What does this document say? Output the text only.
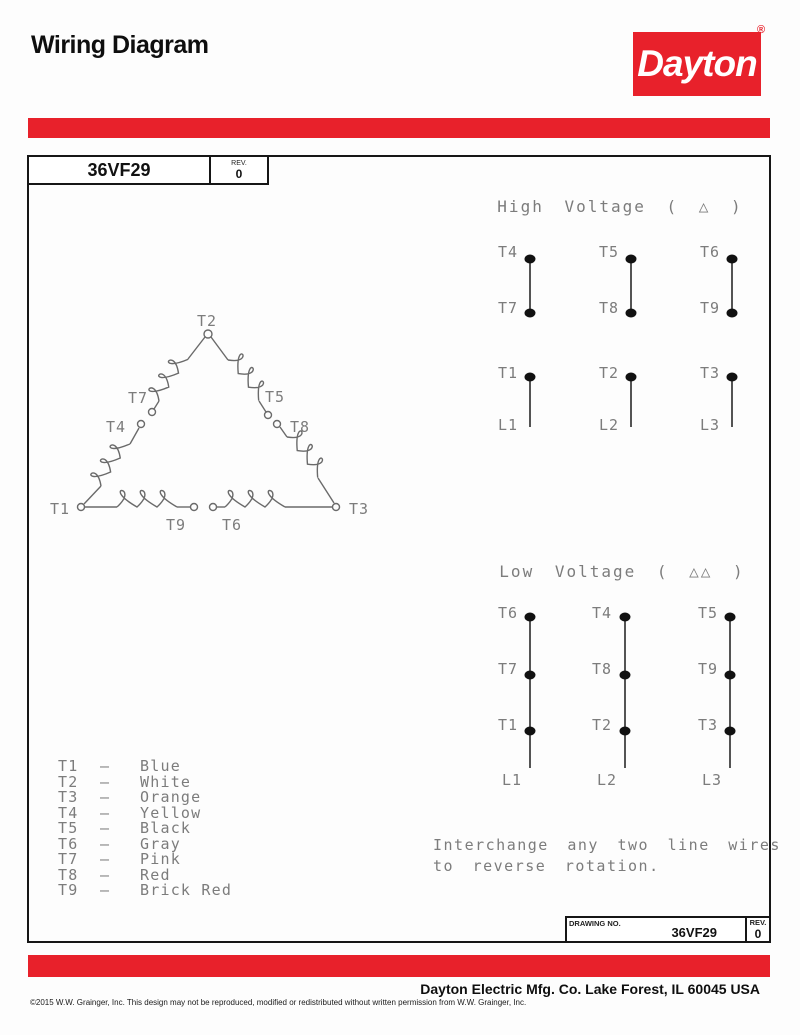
Wiring Diagram	Dayton
®
36VF29	REV.
0
High Voltage ( △ )
T4
T7
T1
L1
T5
T8
T2
L2
T6
T9
T3
L3
Low Voltage ( △△ )
T6
T7
T1
L1
T4
T8
T2
L2
T5
T9
T3
L3
T2
T7	T5
T4	T8
T1	T3
T9 T6
T1	—	Blue
T2	—	White
T3	—	Orange
T4	—	Yellow
T5	—	Black
T6	—	Gray
T7	—	Pink
T8	—	Red
T9	—	Brick Red
Interchange any two line wires
to reverse rotation.
DRAWING NO.
36VF29
REV.
0
Dayton Electric Mfg. Co. Lake Forest, IL 60045 USA
©2015 W.W. Grainger, Inc. This design may not be reproduced, modified or redistributed without written permission from W.W. Grainger, Inc.
